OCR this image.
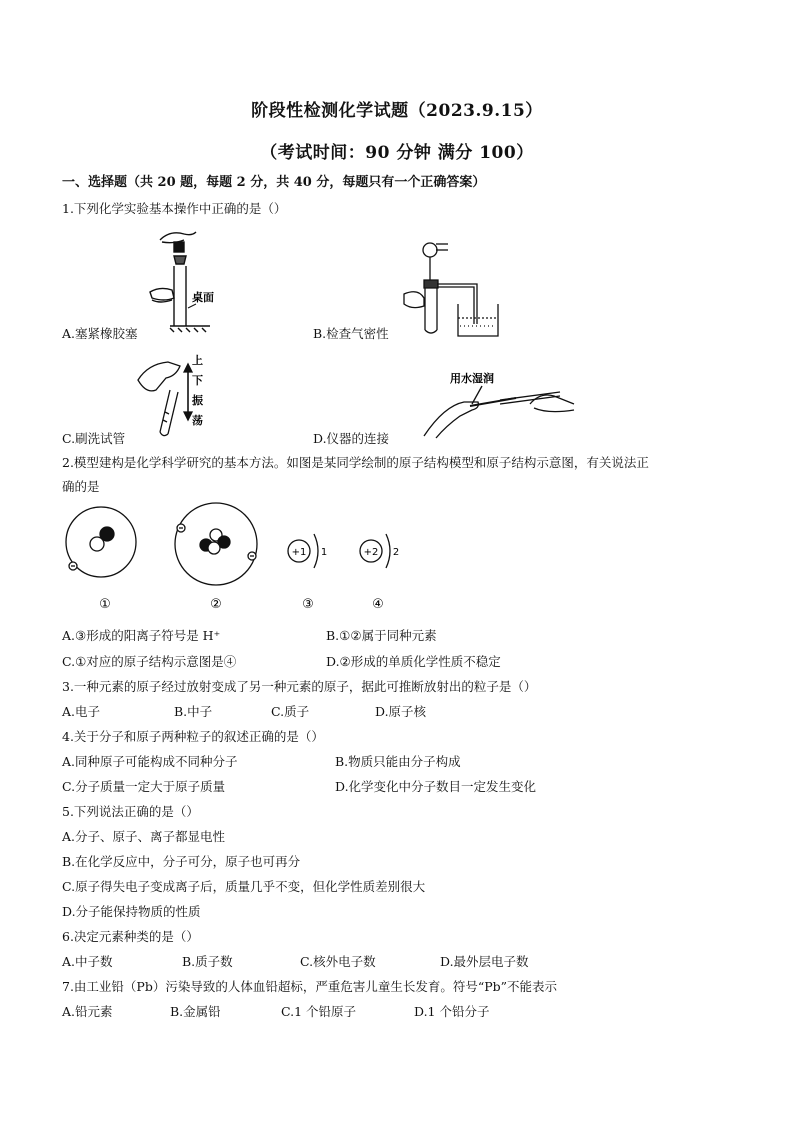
阶段性检测化学试题（2023.9.15）
（考试时间：90 分钟 满分 100）
一、选择题（共 20 题，每题 2 分，共 40 分，每题只有一个正确答案）
1.下列化学实验基本操作中正确的是（）
桌面
A.塞紧橡胶塞	B.检查气密性
上
下
振
荡
C.刷洗试管
用水湿润
D.仪器的连接
2.模型建构是化学科学研究的基本方法。如图是某同学绘制的原子结构模型和原子结构示意图，有关说法正
确的是
+1 1	+2 2
①	②	③	④
A.③形成的阳离子符号是 H⁺	B.①②属于同种元素
C.①对应的原子结构示意图是④	D.②形成的单质化学性质不稳定
3.一种元素的原子经过放射变成了另一种元素的原子，据此可推断放射出的粒子是（）
A.电子	B.中子	C.质子	D.原子核
4.关于分子和原子两种粒子的叙述正确的是（）
A.同种原子可能构成不同种分子	B.物质只能由分子构成
C.分子质量一定大于原子质量	D.化学变化中分子数目一定发生变化
5.下列说法正确的是（）
A.分子、原子、离子都显电性
B.在化学反应中，分子可分，原子也可再分
C.原子得失电子变成离子后，质量几乎不变，但化学性质差别很大
D.分子能保持物质的性质
6.决定元素种类的是（）
A.中子数	B.质子数	C.核外电子数	D.最外层电子数
7.由工业铅（Pb）污染导致的人体血铅超标，严重危害儿童生长发育。符号“Pb”不能表示
A.铅元素	B.金属铅	C.1 个铅原子	D.1 个铅分子
